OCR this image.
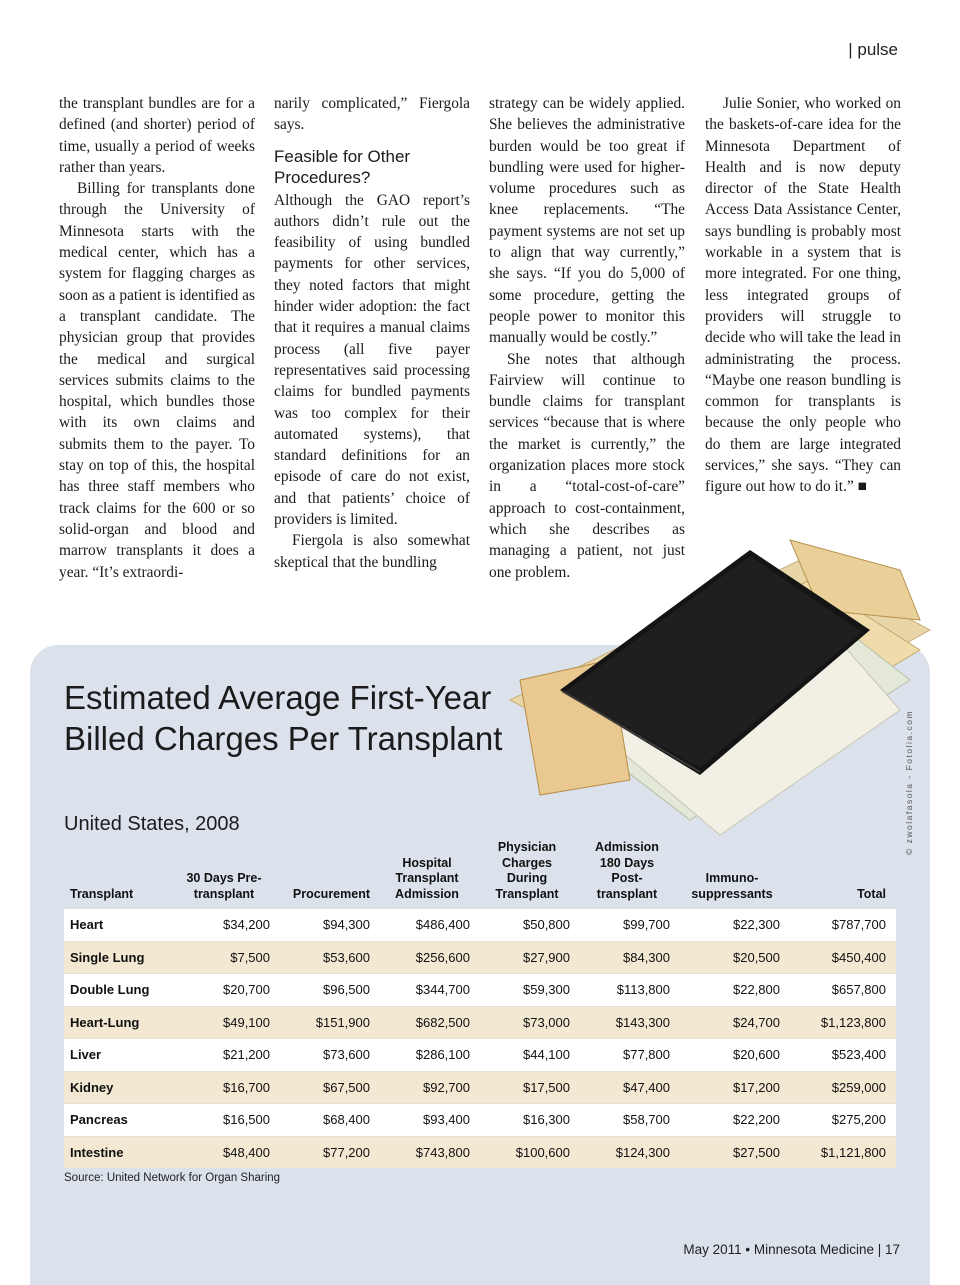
| pulse

the transplant bundles are for a defined (and shorter) period of time, usually a period of weeks rather than years.

Billing for transplants done through the University of Minnesota starts with the medical center, which has a system for flagging charges as soon as a patient is identified as a transplant candidate. The physician group that provides the medical and surgical services submits claims to the hospital, which bundles those with its own claims and submits them to the payer. To stay on top of this, the hospital has three staff members who track claims for the 600 or so solid-organ and blood and marrow transplants it does a year. “It’s extraordi-

narily complicated,” Fiergola says.

Feasible for Other Procedures?

Although the GAO report’s authors didn’t rule out the feasibility of using bundled payments for other services, they noted factors that might hinder wider adoption: the fact that it requires a manual claims process (all five payer representatives said processing claims for bundled payments was too complex for their automated systems), that standard definitions for an episode of care do not exist, and that patients’ choice of providers is limited.

Fiergola is also somewhat skeptical that the bundling

strategy can be widely applied. She believes the administrative burden would be too great if bundling were used for higher-volume procedures such as knee replacements. “The payment systems are not set up to align that way currently,” she says. “If you do 5,000 of some procedure, getting the people power to monitor this manually would be costly.”

She notes that although Fairview will continue to bundle claims for transplant services “because that is where the market is currently,” the organization places more stock in a “total-cost-of-care” approach to cost-containment, which she describes as managing a patient, not just one problem.

Julie Sonier, who worked on the baskets-of-care idea for the Minnesota Department of Health and is now deputy director of the State Health Access Data Assistance Center, says bundling is probably most workable in a system that is more integrated. For one thing, less integrated groups of providers will struggle to decide who will take the lead in administrating the process. “Maybe one reason bundling is common for transplants is because the only people who do them are large integrated services,” she says. “They can figure out how to do it.” ■

© zwolafasola - Fotolia.com
Estimated Average First-Year Billed Charges Per Transplant
United States, 2008
Transplant	30 Days Pre-transplant	Procurement	Hospital Transplant Admission	Physician Charges During Transplant	Admission 180 Days Post-transplant	Immuno-suppressants	Total
Heart	$34,200	$94,300	$486,400	$50,800	$99,700	$22,300	$787,700
Single Lung	$7,500	$53,600	$256,600	$27,900	$84,300	$20,500	$450,400
Double Lung	$20,700	$96,500	$344,700	$59,300	$113,800	$22,800	$657,800
Heart-Lung	$49,100	$151,900	$682,500	$73,000	$143,300	$24,700	$1,123,800
Liver	$21,200	$73,600	$286,100	$44,100	$77,800	$20,600	$523,400
Kidney	$16,700	$67,500	$92,700	$17,500	$47,400	$17,200	$259,000
Pancreas	$16,500	$68,400	$93,400	$16,300	$58,700	$22,200	$275,200
Intestine	$48,400	$77,200	$743,800	$100,600	$124,300	$27,500	$1,121,800
Source: United Network for Organ Sharing
May 2011 • Minnesota Medicine | 17
